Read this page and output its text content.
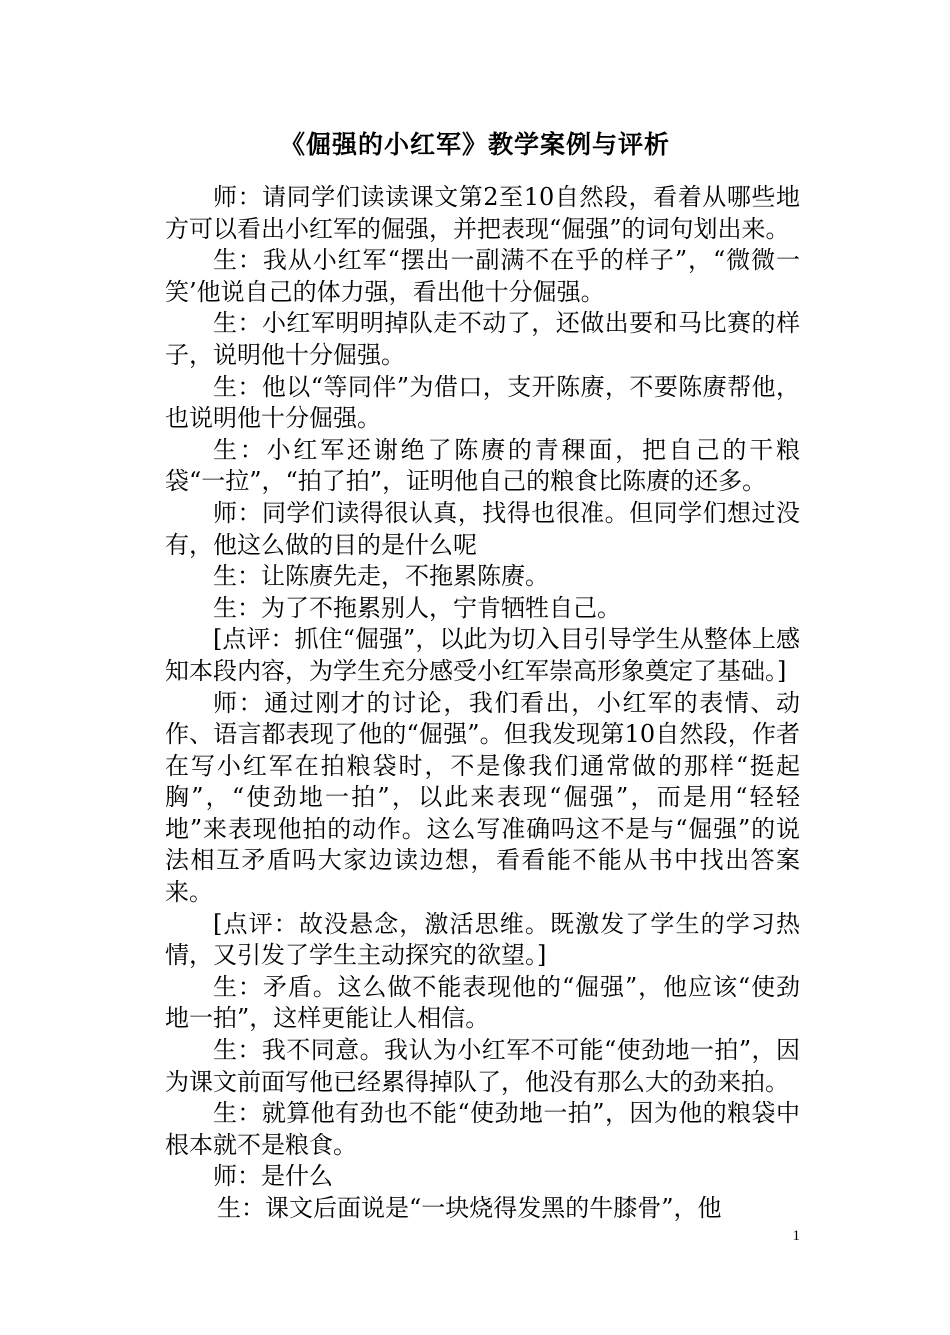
《倔强的小红军》教学案例与评析

师：请同学们读读课文第2至10自然段，看着从哪些地方可以看出小红军的倔强，并把表现“倔强”的词句划出来。

生：我从小红军“摆出一副满不在乎的样子”，“微微一笑’他说自己的体力强，看出他十分倔强。

生：小红军明明掉队走不动了，还做出要和马比赛的样子，说明他十分倔强。

生：他以“等同伴”为借口，支开陈赓，不要陈赓帮他，也说明他十分倔强。

生：小红军还谢绝了陈赓的青稞面，把自己的干粮袋“一拉”，“拍了拍”，证明他自己的粮食比陈赓的还多。

师：同学们读得很认真，找得也很准。但同学们想过没有，他这么做的目的是什么呢

生：让陈赓先走，不拖累陈赓。

生：为了不拖累别人，宁肯牺牲自己。

[点评：抓住“倔强”，以此为切入目引导学生从整体上感知本段内容，为学生充分感受小红军崇高形象奠定了基础。]

师：通过刚才的讨论，我们看出，小红军的表情、动作、语言都表现了他的“倔强”。但我发现第10自然段，作者在写小红军在拍粮袋时，不是像我们通常做的那样“挺起胸”，“使劲地一拍”，以此来表现“倔强”，而是用“轻轻地”来表现他拍的动作。这么写准确吗这不是与“倔强”的说法相互矛盾吗大家边读边想，看看能不能从书中找出答案来。

[点评：故没悬念，激活思维。既激发了学生的学习热情，又引发了学生主动探究的欲望。]

生：矛盾。这么做不能表现他的“倔强”，他应该“使劲地一拍”，这样更能让人相信。

生：我不同意。我认为小红军不可能“使劲地一拍”，因为课文前面写他已经累得掉队了，他没有那么大的劲来拍。

生：就算他有劲也不能“使劲地一拍”，因为他的粮袋中根本就不是粮食。

师：是什么

生：课文后面说是“一块烧得发黑的牛膝骨”，他

1
